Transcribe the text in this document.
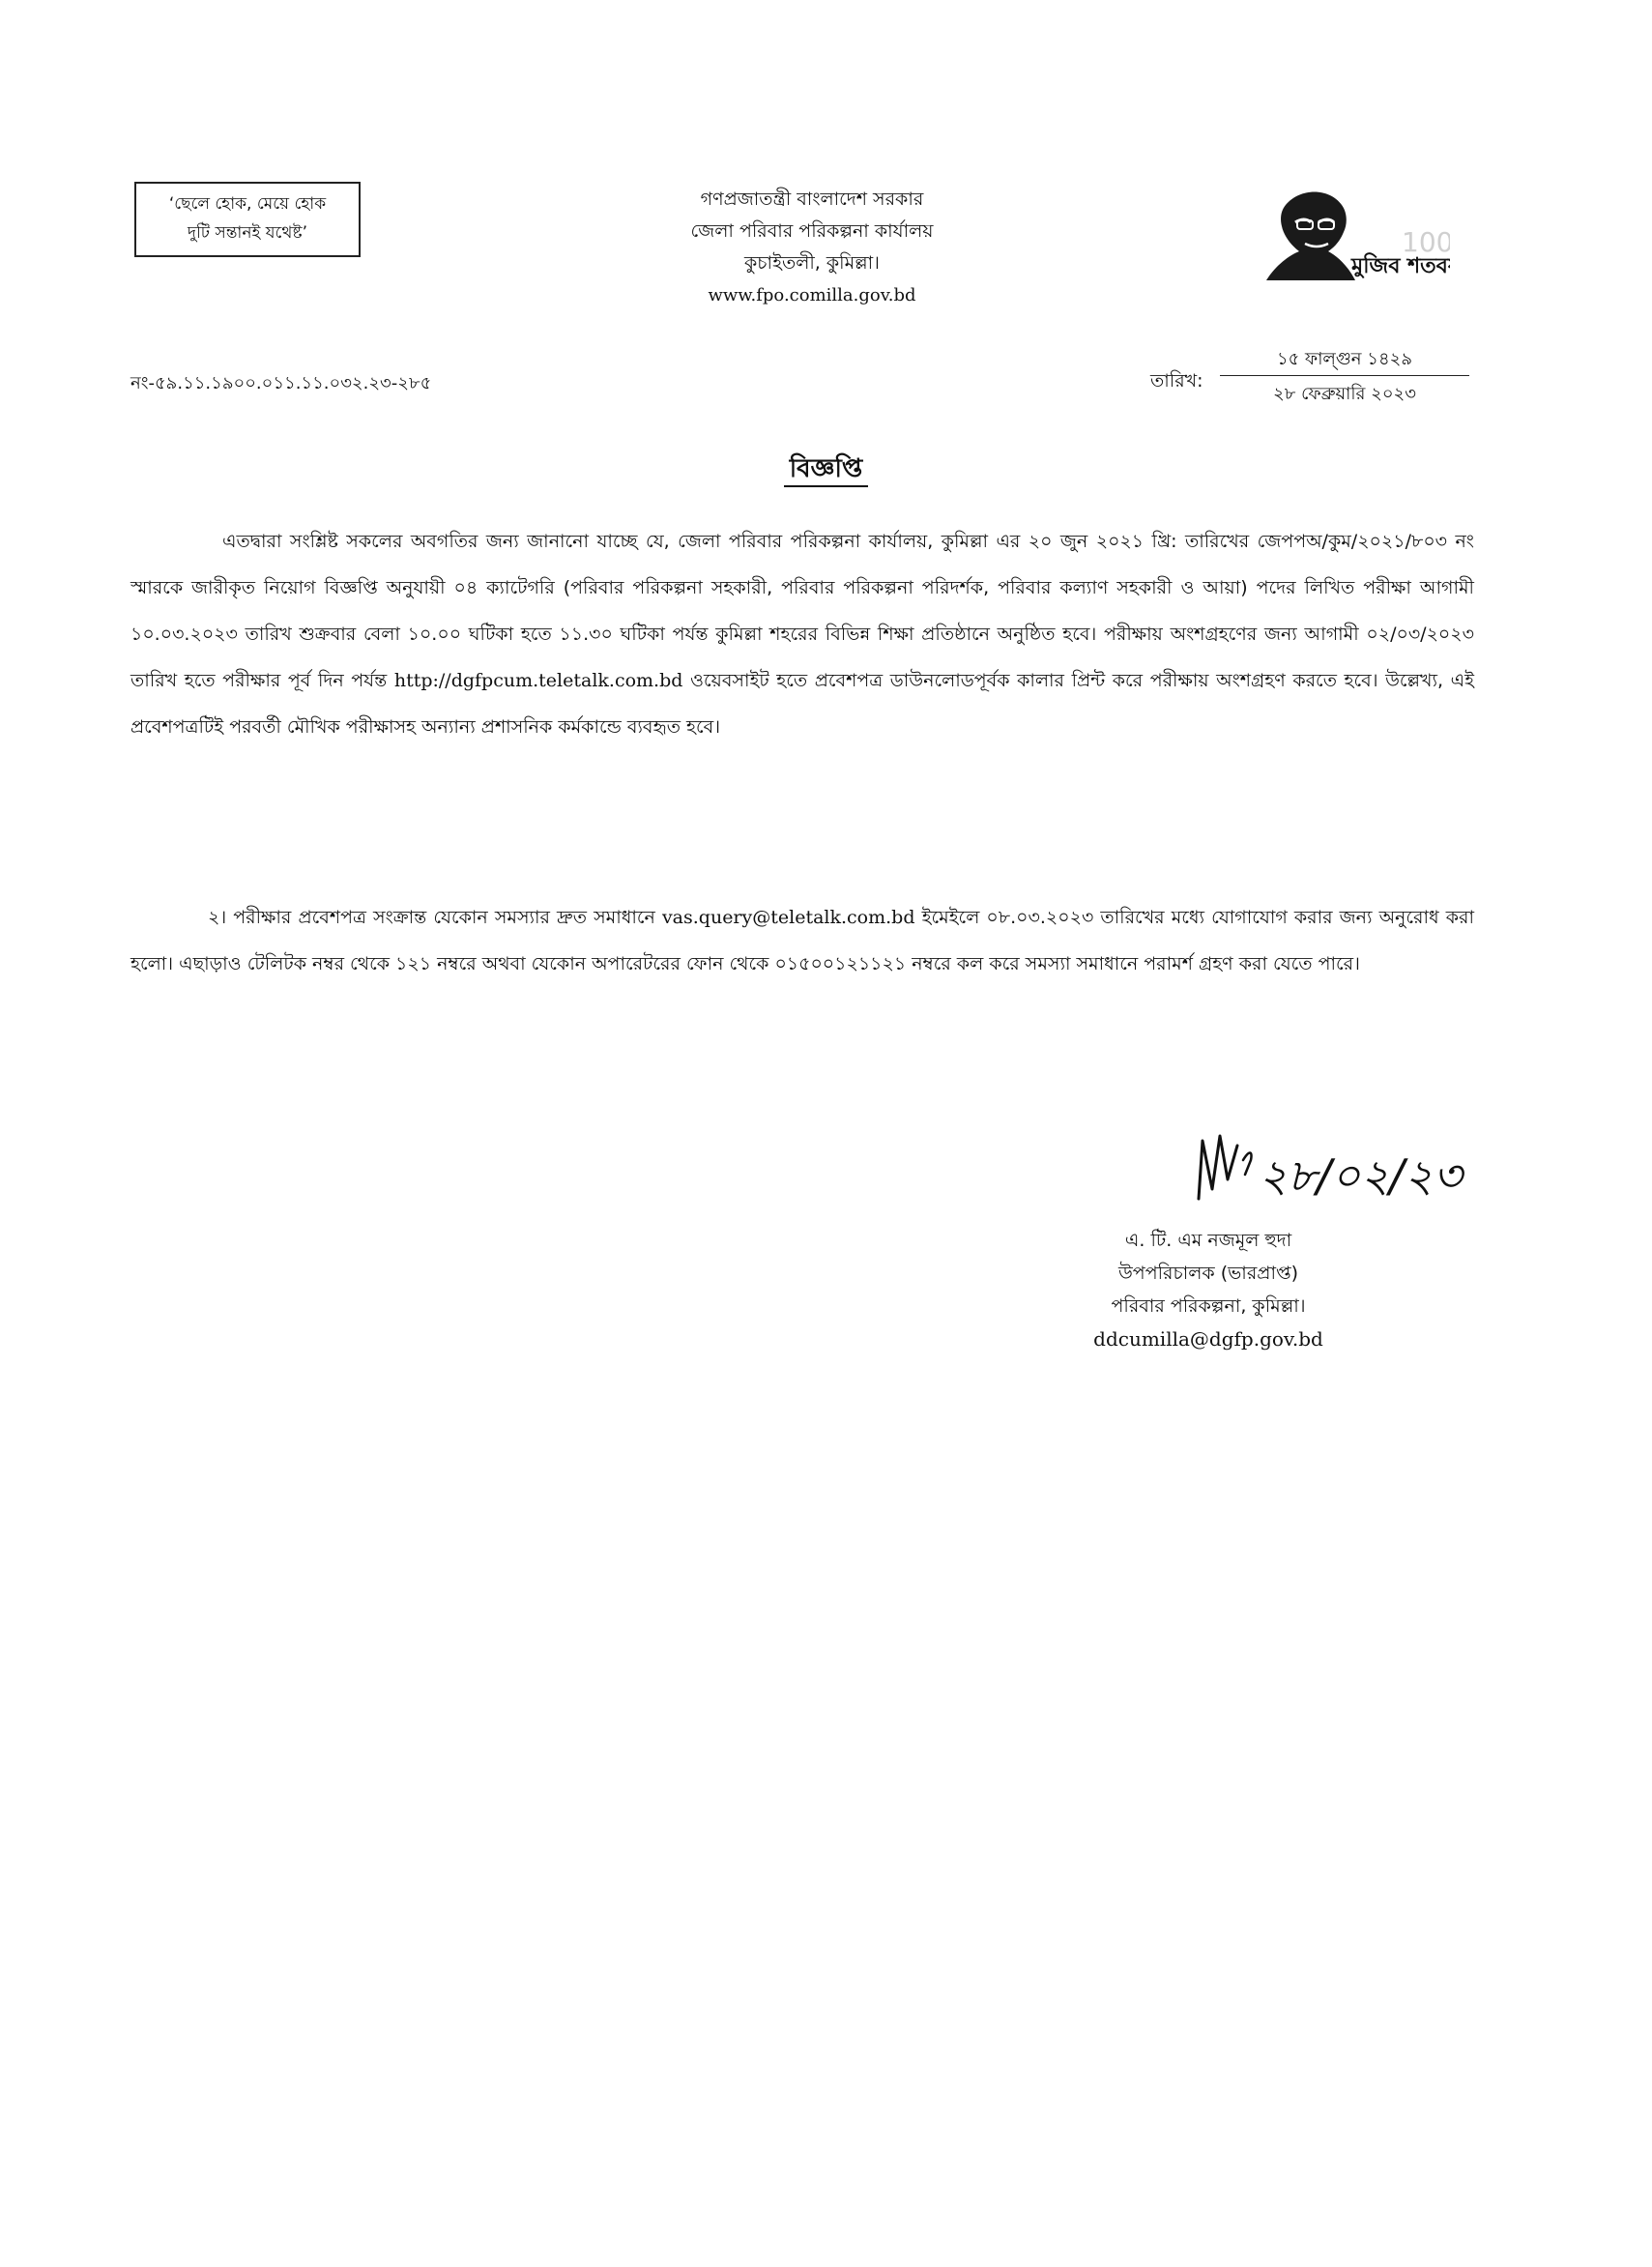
‘ছেলে হোক, মেয়ে হোক
দুটি সন্তানই যথেষ্ট’
গণপ্রজাতন্ত্রী বাংলাদেশ সরকার
জেলা পরিবার পরিকল্পনা কার্যালয়
কুচাইতলী, কুমিল্লা।
www.fpo.comilla.gov.bd
মুজিব শতবর্ষ
100
নং-৫৯.১১.১৯০০.০১১.১১.০৩২.২৩-২৮৫	তারিখ:
১৫ ফাল্গুন ১৪২৯
২৮ ফেব্রুয়ারি ২০২৩
বিজ্ঞপ্তি
এতদ্বারা সংশ্লিষ্ট সকলের অবগতির জন্য জানানো যাচ্ছে যে, জেলা পরিবার পরিকল্পনা কার্যালয়, কুমিল্লা এর ২০ জুন ২০২১ খ্রি: তারিখের জেপপঅ/কুম/২০২১/৮০৩ নং স্মারকে জারীকৃত নিয়োগ বিজ্ঞপ্তি অনুযায়ী ০৪ ক্যাটেগরি (পরিবার পরিকল্পনা সহকারী, পরিবার পরিকল্পনা পরিদর্শক, পরিবার কল্যাণ সহকারী ও আয়া) পদের লিখিত পরীক্ষা আগামী ১০.০৩.২০২৩ তারিখ শুক্রবার বেলা ১০.০০ ঘটিকা হতে ১১.৩০ ঘটিকা পর্যন্ত কুমিল্লা শহরের বিভিন্ন শিক্ষা প্রতিষ্ঠানে অনুষ্ঠিত হবে। পরীক্ষায় অংশগ্রহণের জন্য আগামী ০২/০৩/২০২৩ তারিখ হতে পরীক্ষার পূর্ব দিন পর্যন্ত http://dgfpcum.teletalk.com.bd ওয়েবসাইট হতে প্রবেশপত্র ডাউনলোডপূর্বক কালার প্রিন্ট করে পরীক্ষায় অংশগ্রহণ করতে হবে। উল্লেখ্য, এই প্রবেশপত্রটিই পরবর্তী মৌখিক পরীক্ষাসহ অন্যান্য প্রশাসনিক কর্মকান্ডে ব্যবহৃত হবে।
২। পরীক্ষার প্রবেশপত্র সংক্রান্ত যেকোন সমস্যার দ্রুত সমাধানে vas.query@teletalk.com.bd ইমেইলে ০৮.০৩.২০২৩ তারিখের মধ্যে যোগাযোগ করার জন্য অনুরোধ করা হলো। এছাড়াও টেলিটক নম্বর থেকে ১২১ নম্বরে অথবা যেকোন অপারেটরের ফোন থেকে ০১৫০০১২১১২১ নম্বরে কল করে সমস্যা সমাধানে পরামর্শ গ্রহণ করা যেতে পারে।
২৮/০২/২৩
এ. টি. এম নজমূল হুদা
উপপরিচালক (ভারপ্রাপ্ত)
পরিবার পরিকল্পনা, কুমিল্লা।
ddcumilla@dgfp.gov.bd
